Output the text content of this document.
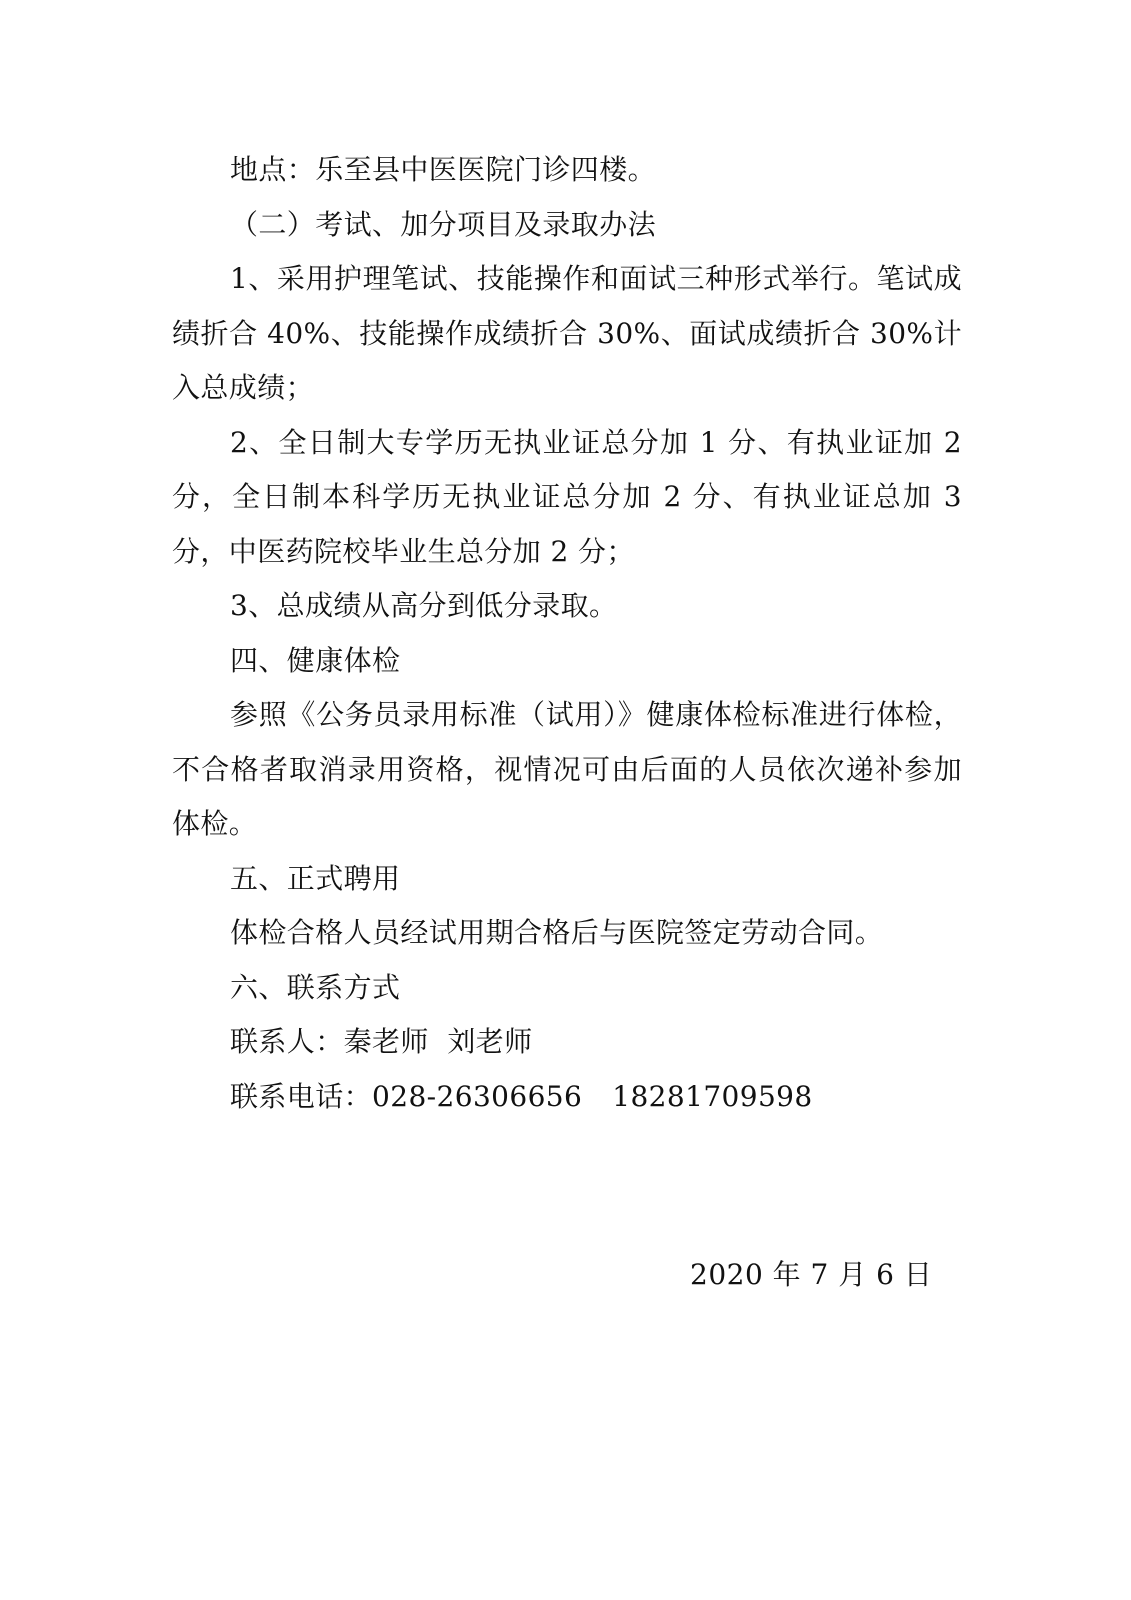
地点：乐至县中医医院门诊四楼。

（二）考试、加分项目及录取办法

1、采用护理笔试、技能操作和面试三种形式举行。笔试成绩折合 40%、技能操作成绩折合 30%、面试成绩折合 30%计入总成绩；

2、全日制大专学历无执业证总分加 1 分、有执业证加 2 分，全日制本科学历无执业证总分加 2 分、有执业证总加 3 分，中医药院校毕业生总分加 2 分；

3、总成绩从高分到低分录取。

四、健康体检

参照《公务员录用标准（试用）》健康体检标准进行体检，不合格者取消录用资格，视情况可由后面的人员依次递补参加体检。

五、正式聘用

体检合格人员经试用期合格后与医院签定劳动合同。

六、联系方式

联系人：秦老师  刘老师

联系电话：028-26306656 18281709598

2020 年 7 月 6 日
